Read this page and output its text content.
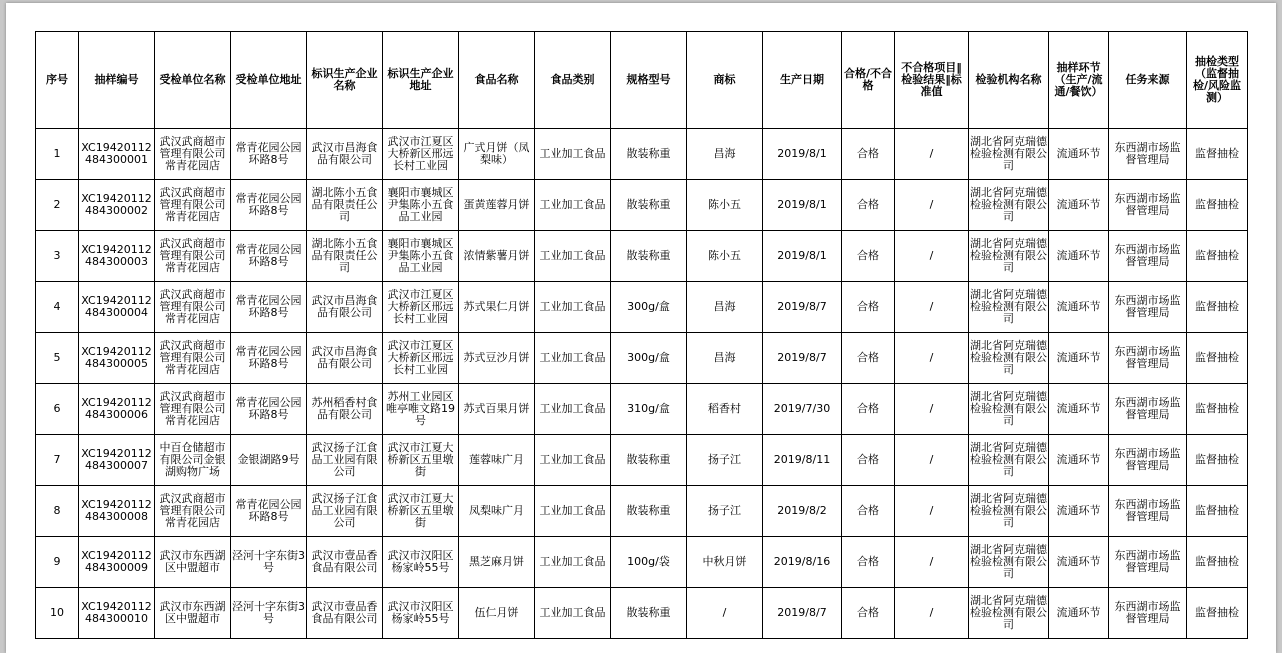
序号	抽样编号	受检单位名称	受检单位地址	标识生产企业名称	标识生产企业地址	食品名称	食品类别	规格型号	商标	生产日期	合格/不合格	不合格项目‖检验结果‖标准值	检验机构名称	抽样环节（生产/流通/餐饮）	任务来源	抽检类型（监督抽检/风险监测）
1	XC19420112484300001	武汉武商超市管理有限公司常青花园店	常青花园公园环路8号	武汉市昌海食品有限公司	武汉市江夏区大桥新区邢远长村工业园	广式月饼（凤梨味）	工业加工食品	散装称重	昌海	2019/8/1	合格	/	湖北省阿克瑞德检验检测有限公司	流通环节	东西湖市场监督管理局	监督抽检
2	XC19420112484300002	武汉武商超市管理有限公司常青花园店	常青花园公园环路8号	湖北陈小五食品有限责任公司	襄阳市襄城区尹集陈小五食品工业园	蛋黄莲蓉月饼	工业加工食品	散装称重	陈小五	2019/8/1	合格	/	湖北省阿克瑞德检验检测有限公司	流通环节	东西湖市场监督管理局	监督抽检
3	XC19420112484300003	武汉武商超市管理有限公司常青花园店	常青花园公园环路8号	湖北陈小五食品有限责任公司	襄阳市襄城区尹集陈小五食品工业园	浓情紫薯月饼	工业加工食品	散装称重	陈小五	2019/8/1	合格	/	湖北省阿克瑞德检验检测有限公司	流通环节	东西湖市场监督管理局	监督抽检
4	XC19420112484300004	武汉武商超市管理有限公司常青花园店	常青花园公园环路8号	武汉市昌海食品有限公司	武汉市江夏区大桥新区邢远长村工业园	苏式果仁月饼	工业加工食品	300g/盒	昌海	2019/8/7	合格	/	湖北省阿克瑞德检验检测有限公司	流通环节	东西湖市场监督管理局	监督抽检
5	XC19420112484300005	武汉武商超市管理有限公司常青花园店	常青花园公园环路8号	武汉市昌海食品有限公司	武汉市江夏区大桥新区邢远长村工业园	苏式豆沙月饼	工业加工食品	300g/盒	昌海	2019/8/7	合格	/	湖北省阿克瑞德检验检测有限公司	流通环节	东西湖市场监督管理局	监督抽检
6	XC19420112484300006	武汉武商超市管理有限公司常青花园店	常青花园公园环路8号	苏州稻香村食品有限公司	苏州工业园区唯亭唯文路19号	苏式百果月饼	工业加工食品	310g/盒	稻香村	2019/7/30	合格	/	湖北省阿克瑞德检验检测有限公司	流通环节	东西湖市场监督管理局	监督抽检
7	XC19420112484300007	中百仓储超市有限公司金银湖购物广场	金银湖路9号	武汉扬子江食品工业园有限公司	武汉市江夏大桥新区五里墩街	莲蓉味广月	工业加工食品	散装称重	扬子江	2019/8/11	合格	/	湖北省阿克瑞德检验检测有限公司	流通环节	东西湖市场监督管理局	监督抽检
8	XC19420112484300008	武汉武商超市管理有限公司常青花园店	常青花园公园环路8号	武汉扬子江食品工业园有限公司	武汉市江夏大桥新区五里墩街	凤梨味广月	工业加工食品	散装称重	扬子江	2019/8/2	合格	/	湖北省阿克瑞德检验检测有限公司	流通环节	东西湖市场监督管理局	监督抽检
9	XC19420112484300009	武汉市东西湖区中盟超市	泾河十字东街3号	武汉市壹品香食品有限公司	武汉市汉阳区杨家岭55号	黑芝麻月饼	工业加工食品	100g/袋	中秋月饼	2019/8/16	合格	/	湖北省阿克瑞德检验检测有限公司	流通环节	东西湖市场监督管理局	监督抽检
10	XC19420112484300010	武汉市东西湖区中盟超市	泾河十字东街3号	武汉市壹品香食品有限公司	武汉市汉阳区杨家岭55号	伍仁月饼	工业加工食品	散装称重	/	2019/8/7	合格	/	湖北省阿克瑞德检验检测有限公司	流通环节	东西湖市场监督管理局	监督抽检
